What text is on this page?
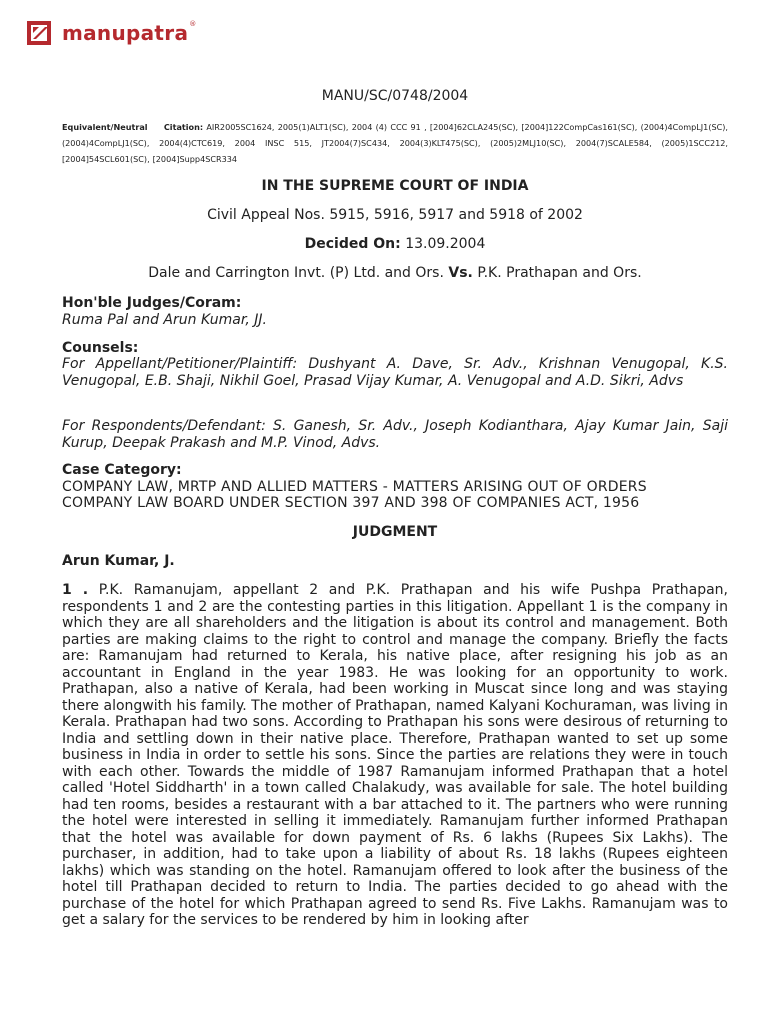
manupatra ®
MANU/SC/0748/2004
Equivalent/Neutral Citation: AIR2005SC1624, 2005(1)ALT1(SC), 2004 (4) CCC 91 , [2004]62CLA245(SC), [2004]122CompCas161(SC), (2004)4CompLJ1(SC), (2004)4CompLJ1(SC), 2004(4)CTC619, 2004 INSC 515, JT2004(7)SC434, 2004(3)KLT475(SC), (2005)2MLJ10(SC), 2004(7)SCALE584, (2005)1SCC212, [2004]54SCL601(SC), [2004]Supp4SCR334
IN THE SUPREME COURT OF INDIA
Civil Appeal Nos. 5915, 5916, 5917 and 5918 of 2002
Decided On: 13.09.2004
Dale and Carrington Invt. (P) Ltd. and Ors. Vs. P.K. Prathapan and Ors.
Hon'ble Judges/Coram:
Ruma Pal and Arun Kumar, JJ.
Counsels:
For Appellant/Petitioner/Plaintiff: Dushyant A. Dave, Sr. Adv., Krishnan Venugopal, K.S. Venugopal, E.B. Shaji, Nikhil Goel, Prasad Vijay Kumar, A. Venugopal and A.D. Sikri, Advs
For Respondents/Defendant: S. Ganesh, Sr. Adv., Joseph Kodianthara, Ajay Kumar Jain, Saji Kurup, Deepak Prakash and M.P. Vinod, Advs.
Case Category:
COMPANY LAW, MRTP AND ALLIED MATTERS - MATTERS ARISING OUT OF ORDERS
COMPANY LAW BOARD UNDER SECTION 397 AND 398 OF COMPANIES ACT, 1956
JUDGMENT
Arun Kumar, J.
1 . P.K. Ramanujam, appellant 2 and P.K. Prathapan and his wife Pushpa Prathapan, respondents 1 and 2 are the contesting parties in this litigation. Appellant 1 is the company in which they are all shareholders and the litigation is about its control and management. Both parties are making claims to the right to control and manage the company. Briefly the facts are: Ramanujam had returned to Kerala, his native place, after resigning his job as an accountant in England in the year 1983. He was looking for an opportunity to work. Prathapan, also a native of Kerala, had been working in Muscat since long and was staying there alongwith his family. The mother of Prathapan, named Kalyani Kochuraman, was living in Kerala. Prathapan had two sons. According to Prathapan his sons were desirous of returning to India and settling down in their native place. Therefore, Prathapan wanted to set up some business in India in order to settle his sons. Since the parties are relations they were in touch with each other. Towards the middle of 1987 Ramanujam informed Prathapan that a hotel called 'Hotel Siddharth' in a town called Chalakudy, was available for sale. The hotel building had ten rooms, besides a restaurant with a bar attached to it. The partners who were running the hotel were interested in selling it immediately. Ramanujam further informed Prathapan that the hotel was available for down payment of Rs. 6 lakhs (Rupees Six Lakhs). The purchaser, in addition, had to take upon a liability of about Rs. 18 lakhs (Rupees eighteen lakhs) which was standing on the hotel. Ramanujam offered to look after the business of the hotel till Prathapan decided to return to India. The parties decided to go ahead with the purchase of the hotel for which Prathapan agreed to send Rs. Five Lakhs. Ramanujam was to get a salary for the services to be rendered by him in looking after
